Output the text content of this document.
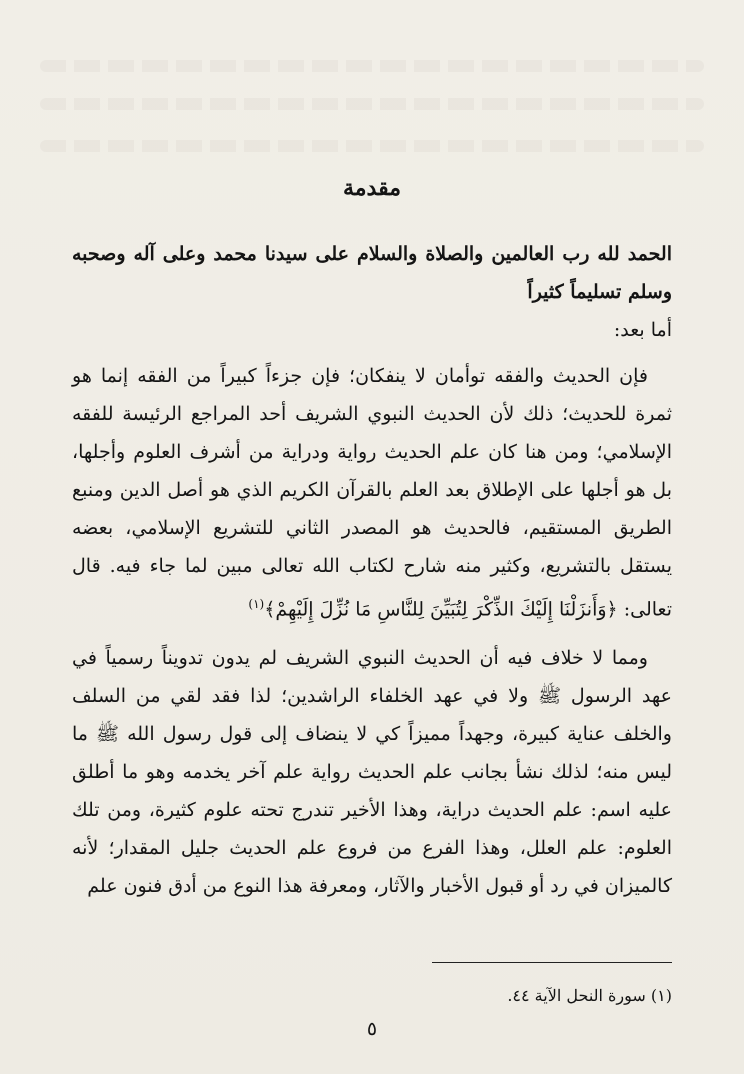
مقدمة

الحمد لله رب العالمين والصلاة والسلام على سيدنا محمد وعلى آله وصحبه وسلم تسليماً كثيراً

أما بعد:

فإن الحديث والفقه توأمان لا ينفكان؛ فإن جزءاً كبيراً من الفقه إنما هو ثمرة للحديث؛ ذلك لأن الحديث النبوي الشريف أحد المراجع الرئيسة للفقه الإسلامي؛ ومن هنا كان علم الحديث رواية ودراية من أشرف العلوم وأجلها، بل هو أجلها على الإطلاق بعد العلم بالقرآن الكريم الذي هو أصل الدين ومنبع الطريق المستقيم، فالحديث هو المصدر الثاني للتشريع الإسلامي، بعضه يستقل بالتشريع، وكثير منه شارح لكتاب الله تعالى مبين لما جاء فيه. قال تعالى: ﴿وَأَنزَلْنَا إِلَيْكَ الذِّكْرَ لِتُبَيِّنَ لِلنَّاسِ مَا نُزِّلَ إِلَيْهِمْ﴾$^{(١)}$

ومما لا خلاف فيه أن الحديث النبوي الشريف لم يدون تدويناً رسمياً في عهد الرسول ﷺ ولا في عهد الخلفاء الراشدين؛ لذا فقد لقي من السلف والخلف عناية كبيرة، وجهداً مميزاً كي لا ينضاف إلى قول رسول الله ﷺ ما ليس منه؛ لذلك نشأ بجانب علم الحديث رواية علم آخر يخدمه وهو ما أطلق عليه اسم: علم الحديث دراية، وهذا الأخير تندرج تحته علوم كثيرة، ومن تلك العلوم: علم العلل، وهذا الفرع من فروع علم الحديث جليل المقدار؛ لأنه كالميزان في رد أو قبول الأخبار والآثار، ومعرفة هذا النوع من أدق فنون علم

(١) سورة النحل الآية ٤٤.
٥
